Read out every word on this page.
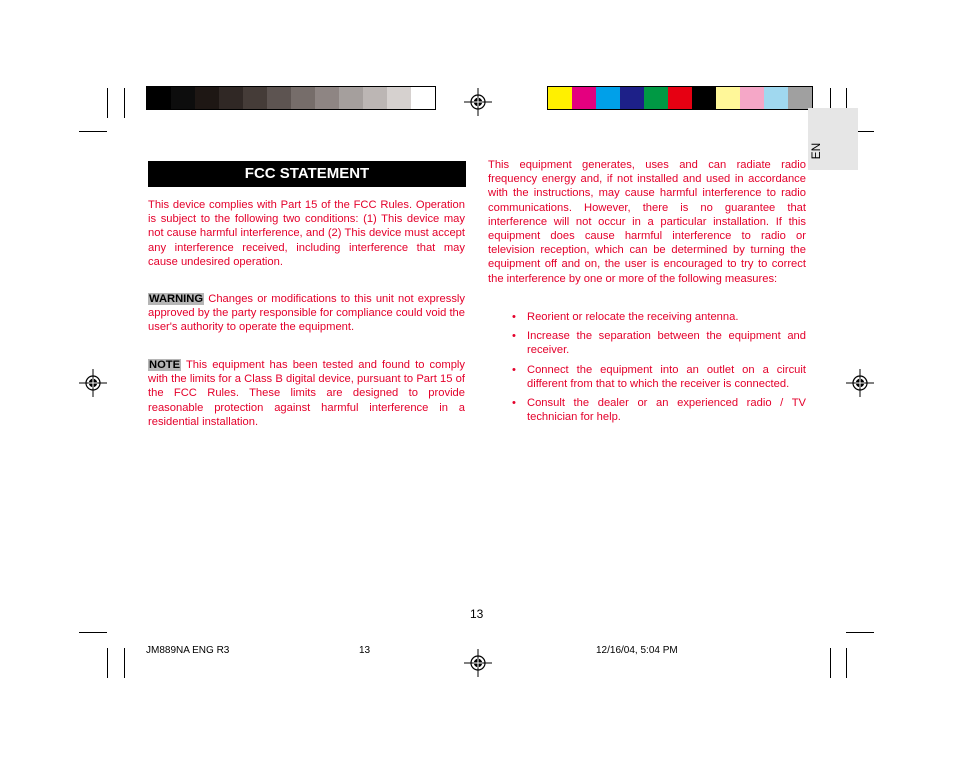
EN
FCC STATEMENT

This device complies with Part 15 of the FCC Rules. Operation is subject to the following two conditions: (1) This device may not cause harmful interference, and (2) This device must accept any interference received, including interference that may cause undesired operation.

WARNING Changes or modifications to this unit not expressly approved by the party responsible for compliance could void the user's authority to operate the equipment.

NOTE This equipment has been tested and found to comply with the limits for a Class B digital device, pursuant to Part 15 of the FCC Rules. These limits are designed to provide reasonable protection against harmful interference in a residential installation.

This equipment generates, uses and can radiate radio frequency energy and, if not installed and used in accordance with the instructions, may cause harmful interference to radio communications. However, there is no guarantee that interference will not occur in a particular installation. If this equipment does cause harmful interference to radio or television reception, which can be determined by turning the equipment off and on, the user is encouraged to try to correct the interference by one or more of the following measures:

• Reorient or relocate the receiving antenna.
• Increase the separation between the equipment and receiver.
• Connect the equipment into an outlet on a circuit different from that to which the receiver is connected.
• Consult the dealer or an experienced radio / TV technician for help.
13
JM889NA ENG R3	13	12/16/04, 5:04 PM
